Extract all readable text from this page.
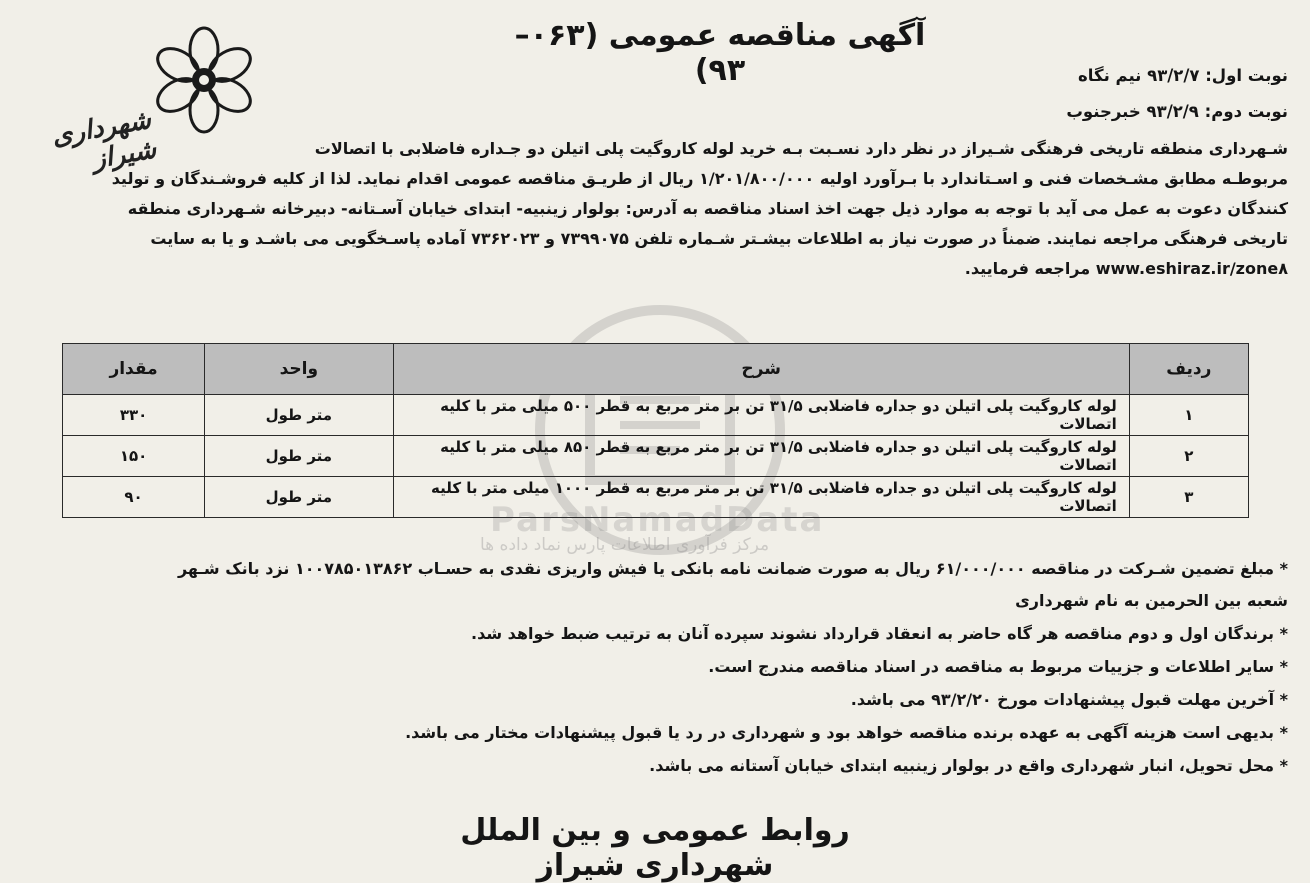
ParsNamadData
مرکز فرآوری اطلاعات پارس نماد داده ها
شهرداری شیراز
آگهی مناقصه عمومی (۰۶۳–۹۳)	نوبت اول: ۹۳/۲/۷ نیم نگاه
نوبت دوم: ۹۳/۲/۹ خبرجنوب

شـهرداری منطقه تاریخی فرهنگی شـیراز در نظر دارد نسـبت بـه خرید لوله کاروگیت پلی اتیلن دو جـداره فاضلابی با اتصالات

مربوطـه مطابق مشـخصات فنی و اسـتاندارد با بـرآورد اولیه ۱/۲۰۱/۸۰۰/۰۰۰ ریال از طریـق مناقصه عمومی اقدام نماید. لذا از کلیه فروشـندگان و تولید

کنندگان دعوت به عمل می آید با توجه به موارد ذیل جهت اخذ اسناد مناقصه به آدرس: بولوار زینبیه- ابتدای خیابان آسـتانه- دبیرخانه شـهرداری منطقه

تاریخی فرهنگی مراجعه نمایند. ضمناً در صورت نیاز به اطلاعات بیشـتر شـماره تلفن ۷۳۹۹۰۷۵ و ۷۳۶۲۰۲۳ آماده پاسـخگویی می باشـد و یا به سایت

www.eshiraz.ir/zone۸ مراجعه فرمایید.

ردیف	شرح	واحد	مقدار
۱	لوله کاروگیت پلی اتیلن دو جداره فاضلابی ۳۱/۵ تن بر متر مربع به قطر ۵۰۰ میلی متر با کلیه اتصالات	متر طول	۳۳۰
۲	لوله کاروگیت پلی اتیلن دو جداره فاضلابی ۳۱/۵ تن بر متر مربع به قطر ۸۵۰ میلی متر با کلیه اتصالات	متر طول	۱۵۰
۳	لوله کاروگیت پلی اتیلن دو جداره فاضلابی ۳۱/۵ تن بر متر مربع به قطر ۱۰۰۰ میلی متر با کلیه اتصالات	متر طول	۹۰
* مبلغ تضمین شـرکت در مناقصه ۶۱/۰۰۰/۰۰۰ ریال به صورت ضمانت نامه بانکی یا فیش واریزی نقدی به حسـاب ۱۰۰۷۸۵۰۱۳۸۶۲ نزد بانک شـهر
شعبه بین الحرمین به نام شهرداری
* برندگان اول و دوم مناقصه هر گاه حاضر به انعقاد قرارداد نشوند سپرده آنان به ترتیب ضبط خواهد شد.
* سایر اطلاعات و جزییات مربوط به مناقصه در اسناد مناقصه مندرج است.
* آخرین مهلت قبول پیشنهادات مورخ ۹۳/۲/۲۰ می باشد.
* بدیهی است هزینه آگهی به عهده برنده مناقصه خواهد بود و شهرداری در رد یا قبول پیشنهادات مختار می باشد.
* محل تحویل، انبار شهرداری واقع در بولوار زینبیه ابتدای خیابان آستانه می باشد.
روابط عمومی و بین الملل شهرداری شیراز
